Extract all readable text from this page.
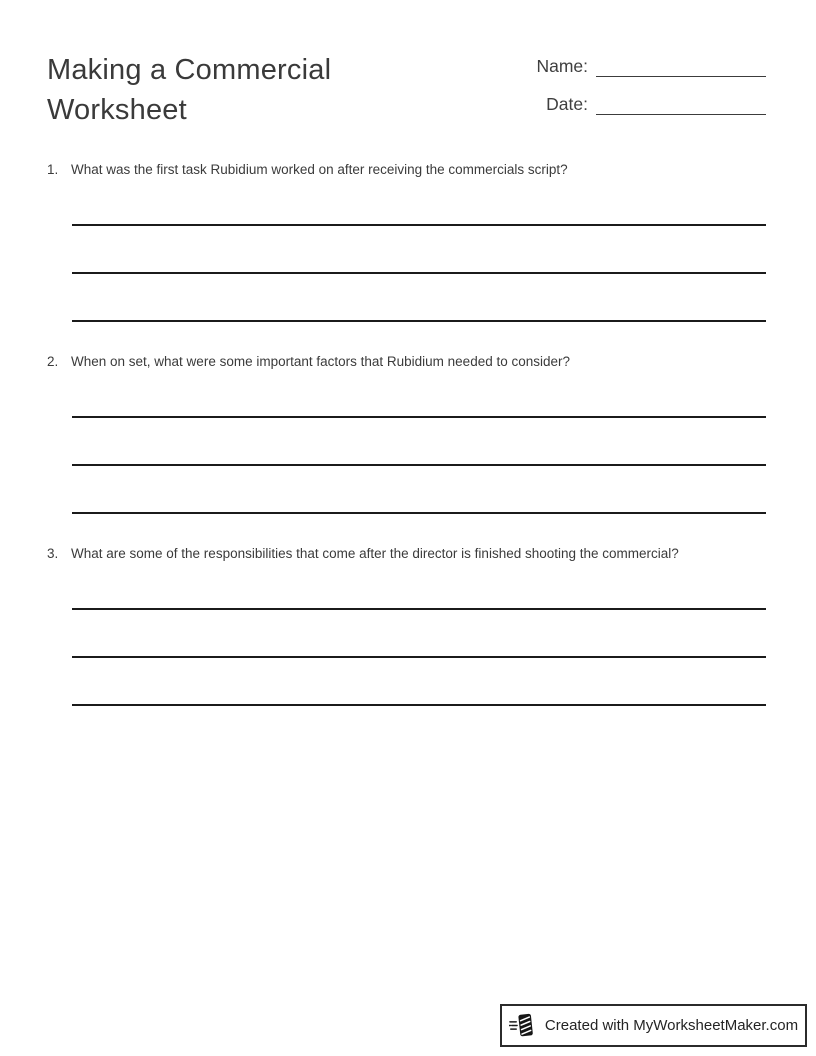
Making a Commercial Worksheet
Name:
Date:
1. What was the first task Rubidium worked on after receiving the commercials script?
2. When on set, what were some important factors that Rubidium needed to consider?
3. What are some of the responsibilities that come after the director is finished shooting the commercial?
Created with MyWorksheetMaker.com
